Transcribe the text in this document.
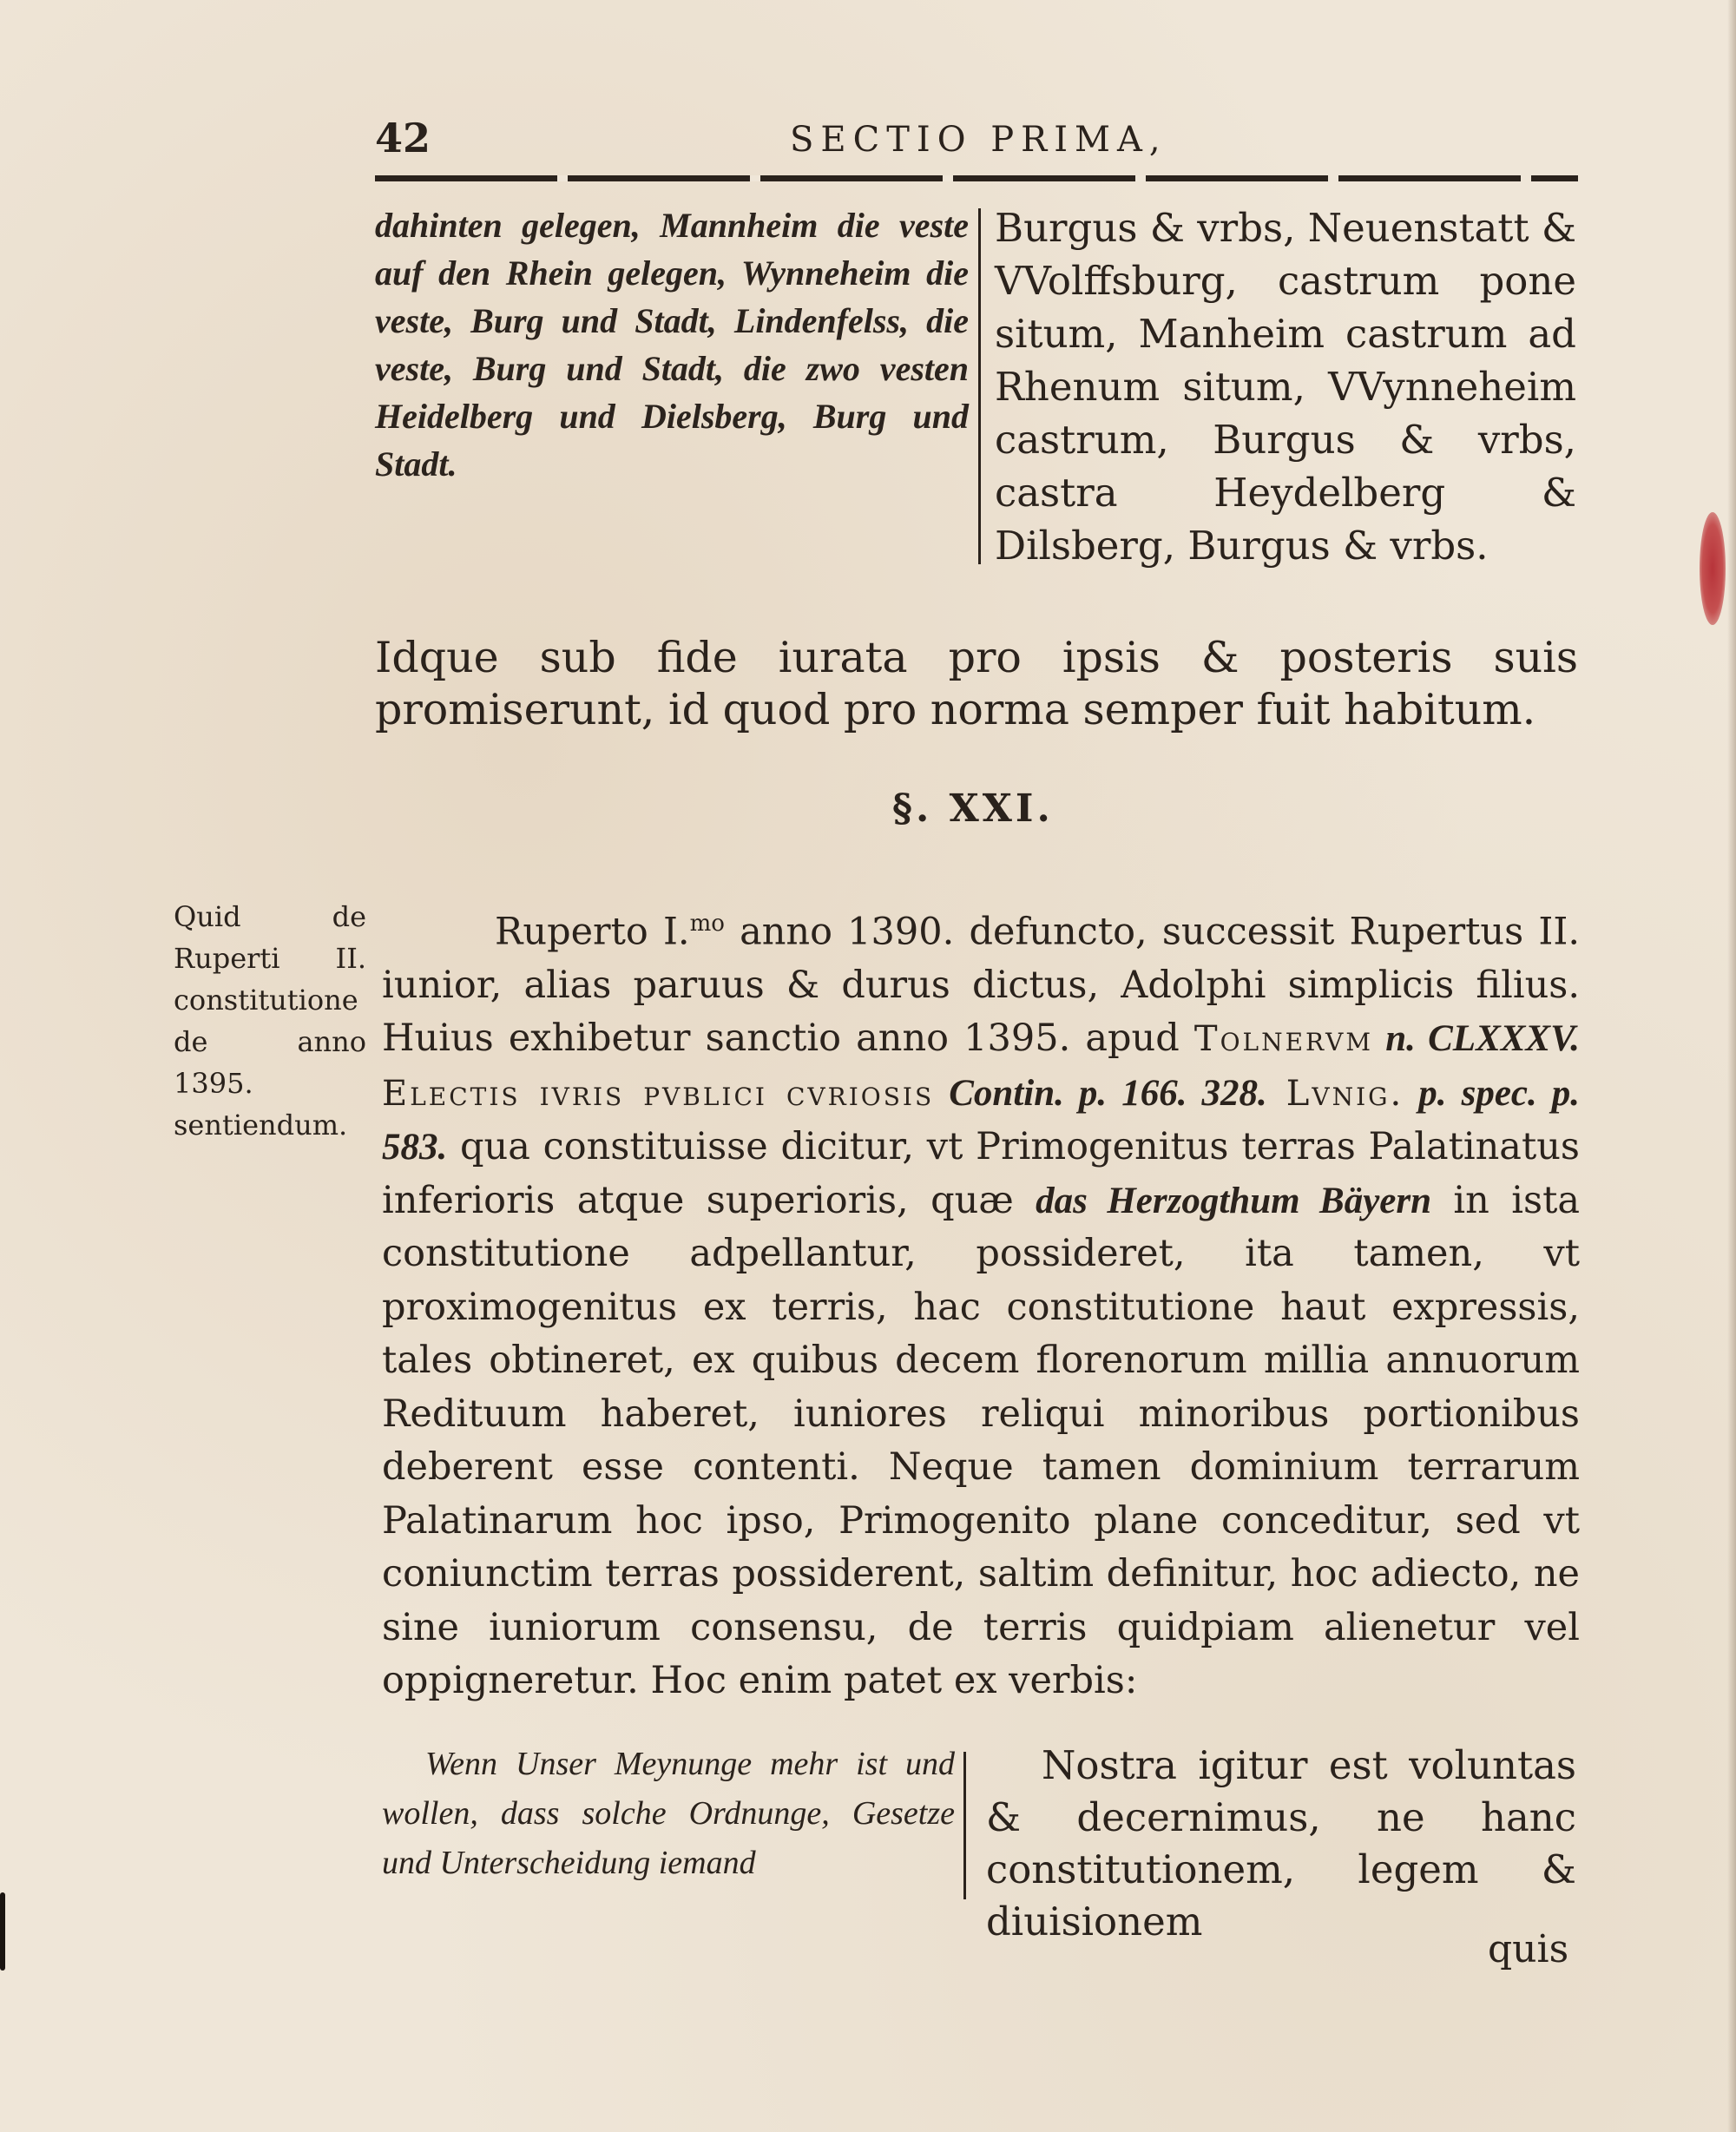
42	SECTIO PRIMA,
dahinten gelegen, Mannheim die veste auf den Rhein gelegen, Wynneheim die veste, Burg und Stadt, Lindenfelss, die veste, Burg und Stadt, die zwo vesten Heidelberg und Dielsberg, Burg und Stadt.
Burgus & vrbs, Neuenstatt & VVolffsburg, castrum pone situm, Manheim castrum ad Rhenum situm, VVynneheim castrum, Burgus & vrbs, castra Heydelberg & Dilsberg, Burgus & vrbs.
Idque sub fide iurata pro ipsis & posteris suis promiserunt, id quod pro norma semper fuit habitum.
§. XXI.
Quid de
Ruperti II.
constitutione
de anno 1395.
sentiendum.
Ruperto I.$^{mo}$ anno 1390. defuncto, successit Rupertus II. iunior, alias paruus & durus dictus, Adolphi simplicis filius. Huius exhibetur sanctio anno 1395. apud Tolnervm n. CLXXXV. Electis ivris pvblici cvriosis Contin. p. 166. 328. Lvnig. p. spec. p. 583. qua constituisse dicitur, vt Primogenitus terras Palatinatus inferioris atque superioris, quæ das Herzogthum Bäyern in ista constitutione adpellantur, possideret, ita tamen, vt proximogenitus ex terris, hac constitutione haut expressis, tales obtineret, ex quibus decem florenorum millia annuorum Redituum haberet, iuniores reliqui minoribus portionibus deberent esse contenti. Neque tamen dominium terrarum Palatinarum hoc ipso, Primogenito plane conceditur, sed vt coniunctim terras possiderent, saltim definitur, hoc adiecto, ne sine iuniorum consensu, de terris quidpiam alienetur vel oppigneretur. Hoc enim patet ex verbis:
Wenn Unser Meynunge mehr ist und wollen, dass solche Ordnunge, Gesetze und Unterscheidung iemand
Nostra igitur est voluntas & decernimus, ne hanc constitutionem, legem & diuisionem
quis
